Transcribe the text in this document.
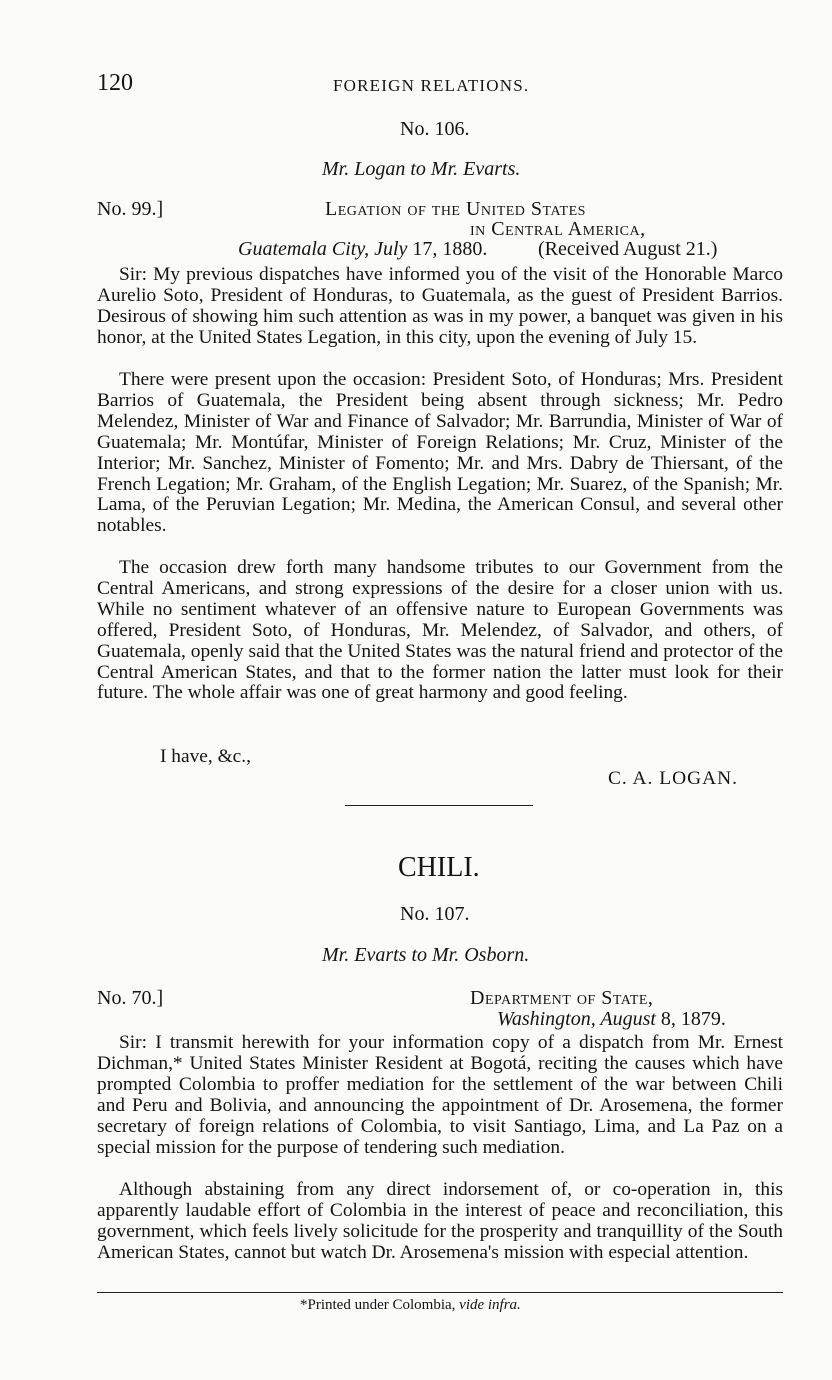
120	FOREIGN RELATIONS.
No. 106.
Mr. Logan to Mr. Evarts.
No. 99.]	Legation of the United States
in Central America,
Guatemala City, July 17, 1880.	(Received August 21.)

Sir: My previous dispatches have informed you of the visit of the Honorable Marco Aurelio Soto, President of Honduras, to Guatemala, as the guest of President Barrios. Desirous of showing him such attention as was in my power, a banquet was given in his honor, at the United States Legation, in this city, upon the evening of July 15.

There were present upon the occasion: President Soto, of Honduras; Mrs. President Barrios of Guatemala, the President being absent through sickness; Mr. Pedro Melendez, Minister of War and Finance of Salvador; Mr. Barrundia, Minister of War of Guatemala; Mr. Montúfar, Minister of Foreign Relations; Mr. Cruz, Minister of the Interior; Mr. Sanchez, Minister of Fomento; Mr. and Mrs. Dabry de Thiersant, of the French Legation; Mr. Graham, of the English Legation; Mr. Suarez, of the Spanish; Mr. Lama, of the Peruvian Legation; Mr. Medina, the American Consul, and several other notables.

The occasion drew forth many handsome tributes to our Government from the Central Americans, and strong expressions of the desire for a closer union with us. While no sentiment whatever of an offensive nature to European Governments was offered, President Soto, of Honduras, Mr. Melendez, of Salvador, and others, of Guatemala, openly said that the United States was the natural friend and protector of the Central American States, and that to the former nation the latter must look for their future. The whole affair was one of great harmony and good feeling.

I have, &c.,
C. A. LOGAN.
CHILI.
No. 107.
Mr. Evarts to Mr. Osborn.
No. 70.]	Department of State,
Washington, August 8, 1879.

Sir: I transmit herewith for your information copy of a dispatch from Mr. Ernest Dichman,* United States Minister Resident at Bogotá, reciting the causes which have prompted Colombia to proffer mediation for the settlement of the war between Chili and Peru and Bolivia, and announcing the appointment of Dr. Arosemena, the former secretary of foreign relations of Colombia, to visit Santiago, Lima, and La Paz on a special mission for the purpose of tendering such mediation.

Although abstaining from any direct indorsement of, or co-operation in, this apparently laudable effort of Colombia in the interest of peace and reconciliation, this government, which feels lively solicitude for the prosperity and tranquillity of the South American States, cannot but watch Dr. Arosemena's mission with especial attention.

*Printed under Colombia, vide infra.
